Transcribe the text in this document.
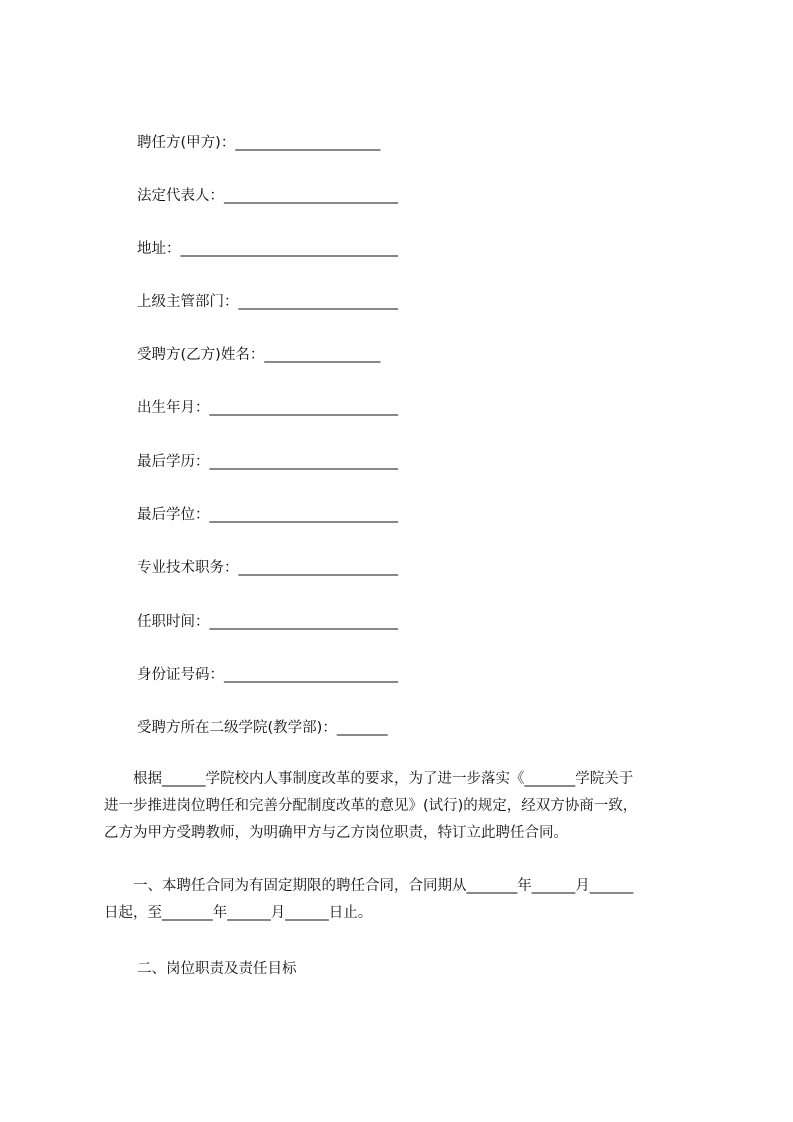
聘任方(甲方)：____________________
法定代表人：________________________
地址：______________________________
上级主管部门：______________________
受聘方(乙方)姓名：________________
出生年月：__________________________
最后学历：__________________________
最后学位：__________________________
专业技术职务：______________________
任职时间：__________________________
身份证号码：________________________
受聘方所在二级学院(教学部)：_______
　　根据______学院校内人事制度改革的要求，为了进一步落实《_______学院关于
进一步推进岗位聘任和完善分配制度改革的意见》(试行)的规定，经双方协商一致，
乙方为甲方受聘教师，为明确甲方与乙方岗位职责，特订立此聘任合同。
　　一、本聘任合同为有固定期限的聘任合同，合同期从_______年______月______
日起，至_______年______月______日止。
二、岗位职责及责任目标
